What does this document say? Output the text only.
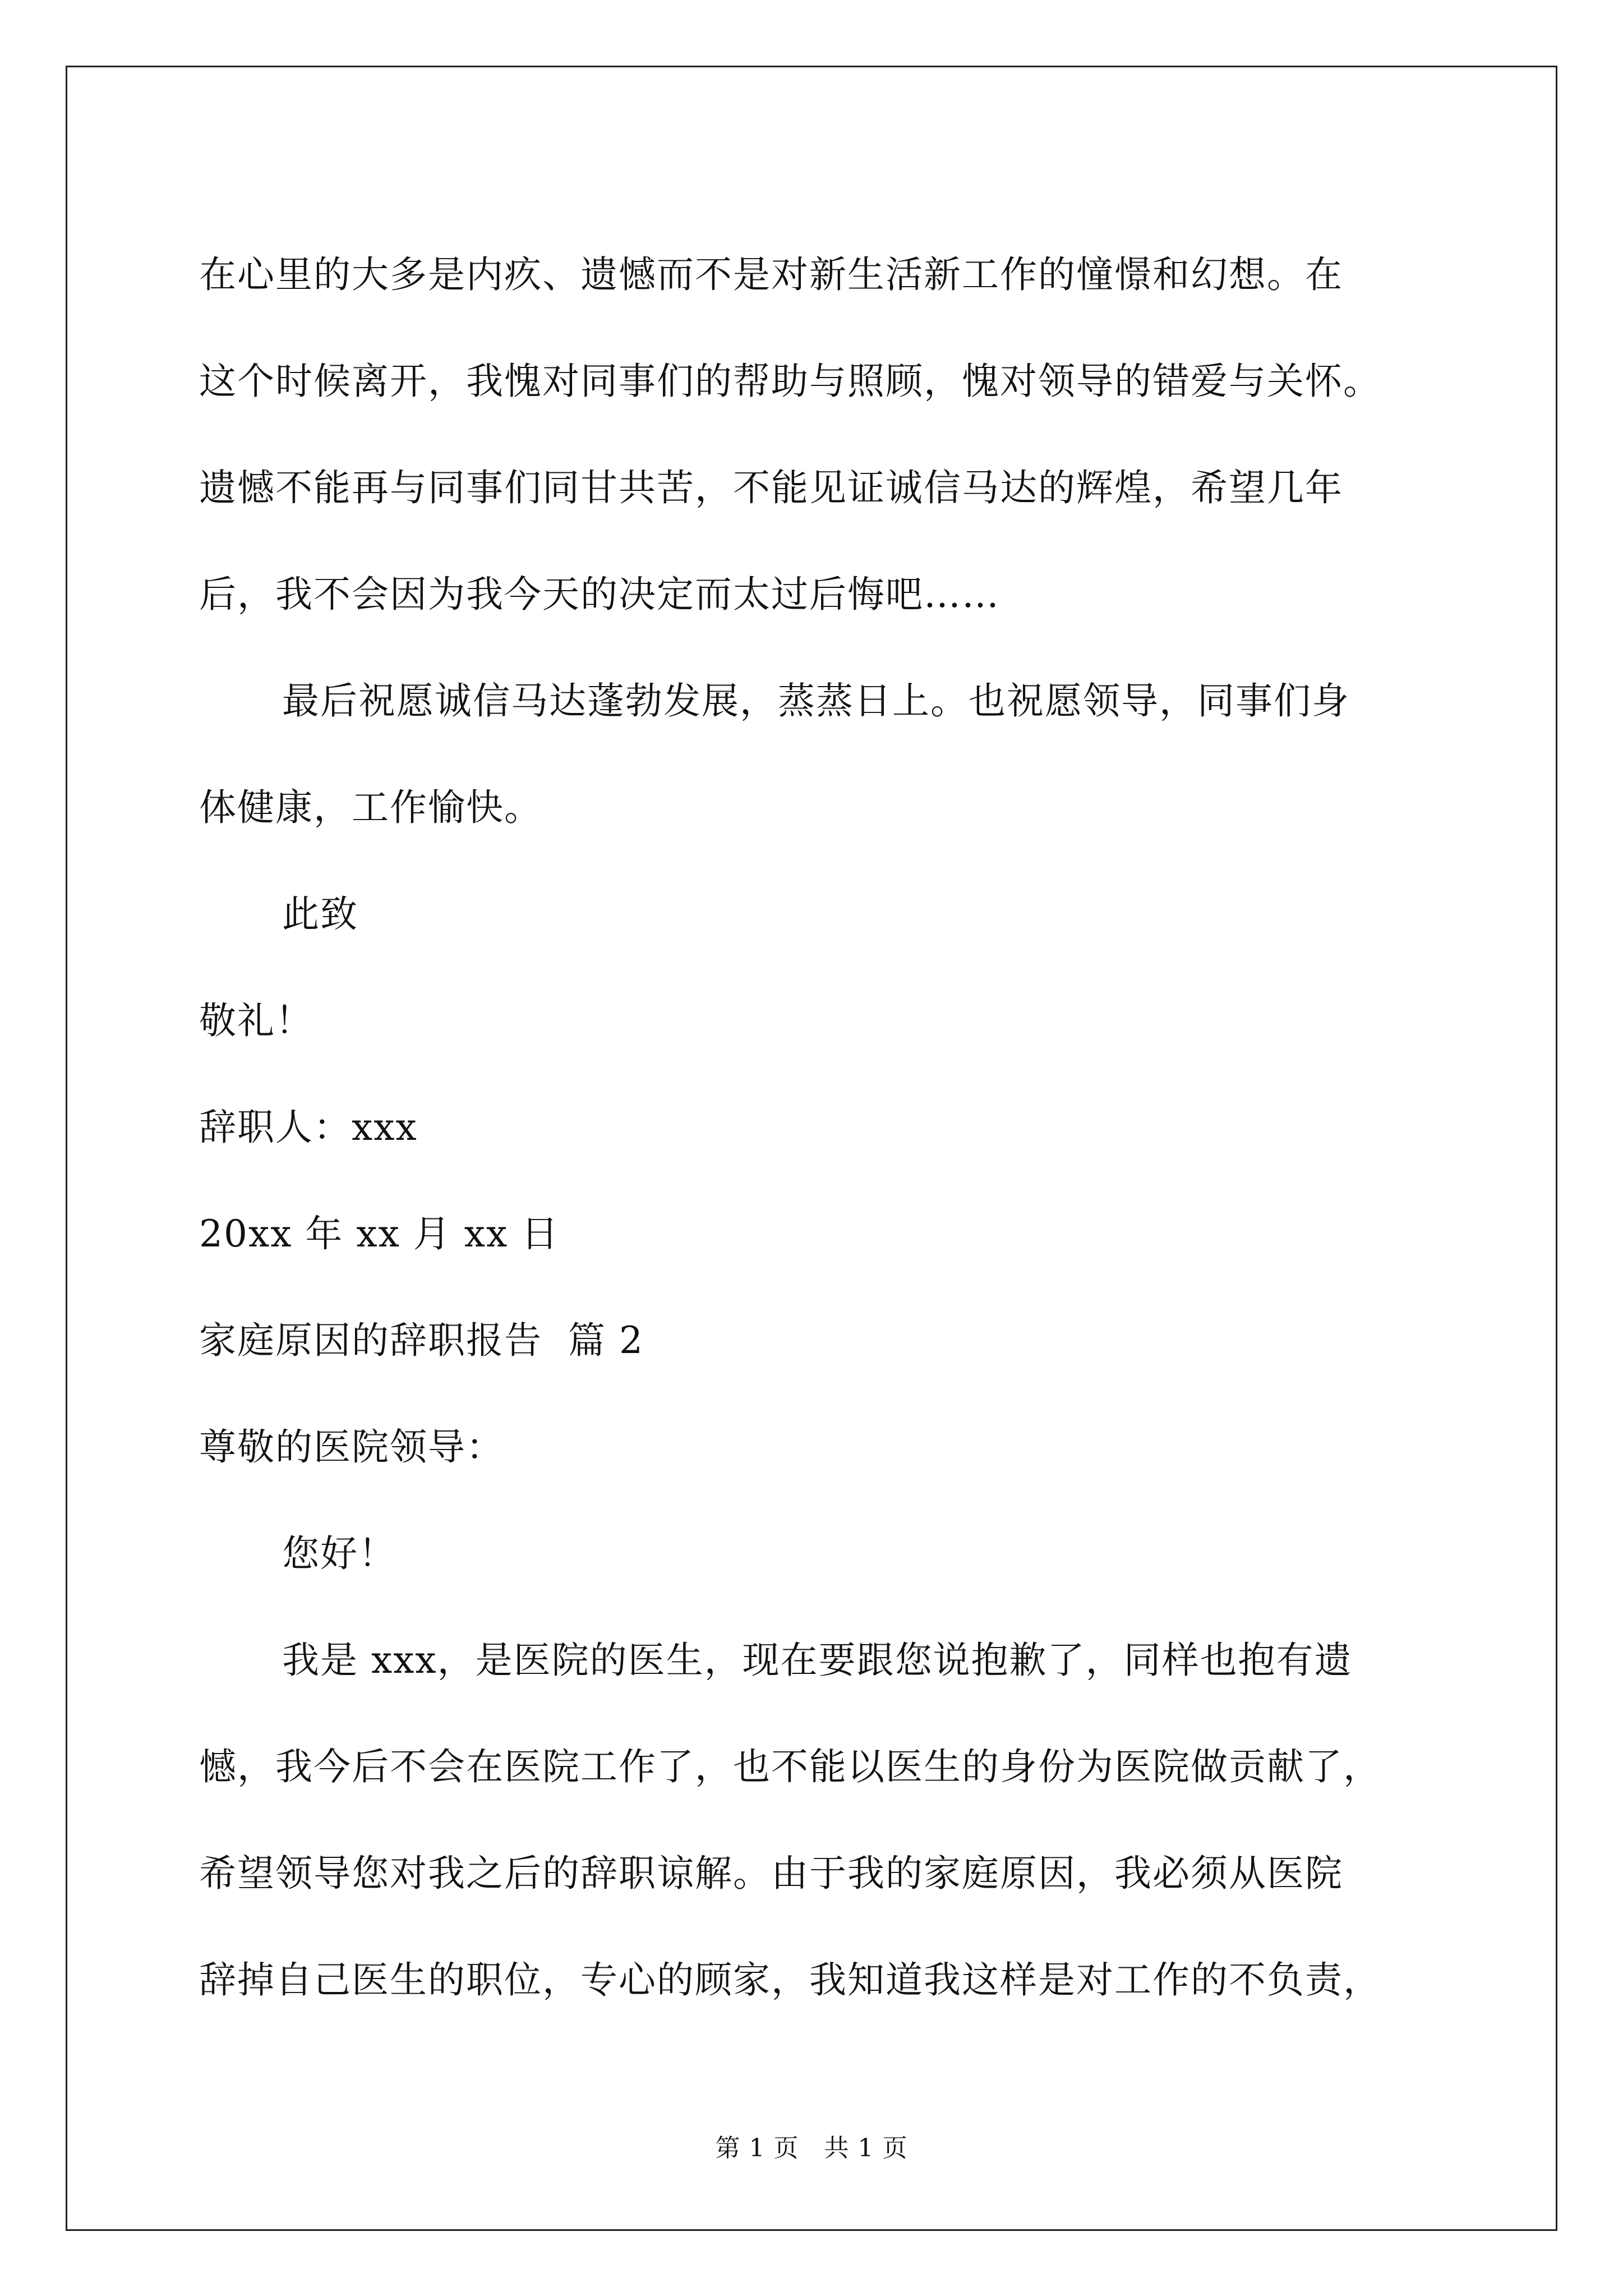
在心里的大多是内疚、遗憾而不是对新生活新工作的憧憬和幻想。在
这个时候离开，我愧对同事们的帮助与照顾，愧对领导的错爱与关怀。
遗憾不能再与同事们同甘共苦，不能见证诚信马达的辉煌，希望几年
后，我不会因为我今天的决定而太过后悔吧……
最后祝愿诚信马达蓬勃发展，蒸蒸日上。也祝愿领导，同事们身
体健康，工作愉快。
此致
敬礼！
辞职人：xxx
20xx 年 xx 月 xx 日
家庭原因的辞职报告  篇 2
尊敬的医院领导：
您好！
我是 xxx，是医院的医生，现在要跟您说抱歉了，同样也抱有遗
憾，我今后不会在医院工作了，也不能以医生的身份为医院做贡献了，
希望领导您对我之后的辞职谅解。由于我的家庭原因，我必须从医院
辞掉自己医生的职位，专心的顾家，我知道我这样是对工作的不负责，
第 1 页   共 1 页
